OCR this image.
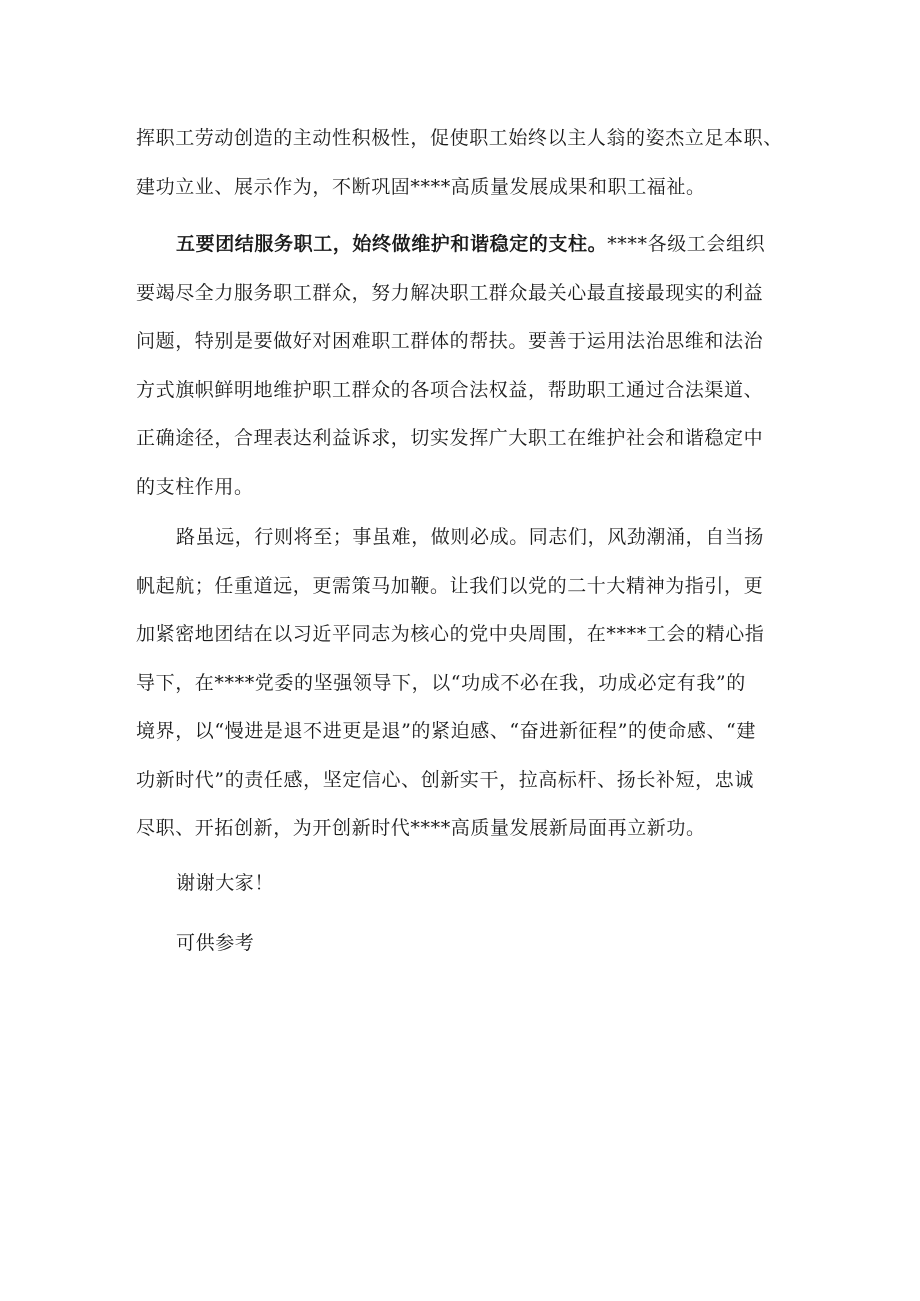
挥职工劳动创造的主动性积极性，促使职工始终以主人翁的姿杰立足本职、
建功立业、展示作为，不断巩固****高质量发展成果和职工福祉。
五要团结服务职工，始终做维护和谐稳定的支柱。****各级工会组织
要竭尽全力服务职工群众，努力解决职工群众最关心最直接最现实的利益
问题，特别是要做好对困难职工群体的帮扶。要善于运用法治思维和法治
方式旗帜鲜明地维护职工群众的各项合法权益，帮助职工通过合法渠道、
正确途径，合理表达利益诉求，切实发挥广大职工在维护社会和谐稳定中
的支柱作用。
路虽远，行则将至；事虽难，做则必成。同志们，风劲潮涌，自当扬
帆起航；任重道远，更需策马加鞭。让我们以党的二十大精神为指引，更
加紧密地团结在以习近平同志为核心的党中央周围，在****工会的精心指
导下，在****党委的坚强领导下，以“功成不必在我，功成必定有我”的
境界，以“慢进是退不进更是退”的紧迫感、“奋进新征程”的使命感、“建
功新时代”的责任感，坚定信心、创新实干，拉高标杆、扬长补短，忠诚
尽职、开拓创新，为开创新时代****高质量发展新局面再立新功。
谢谢大家！
可供参考
